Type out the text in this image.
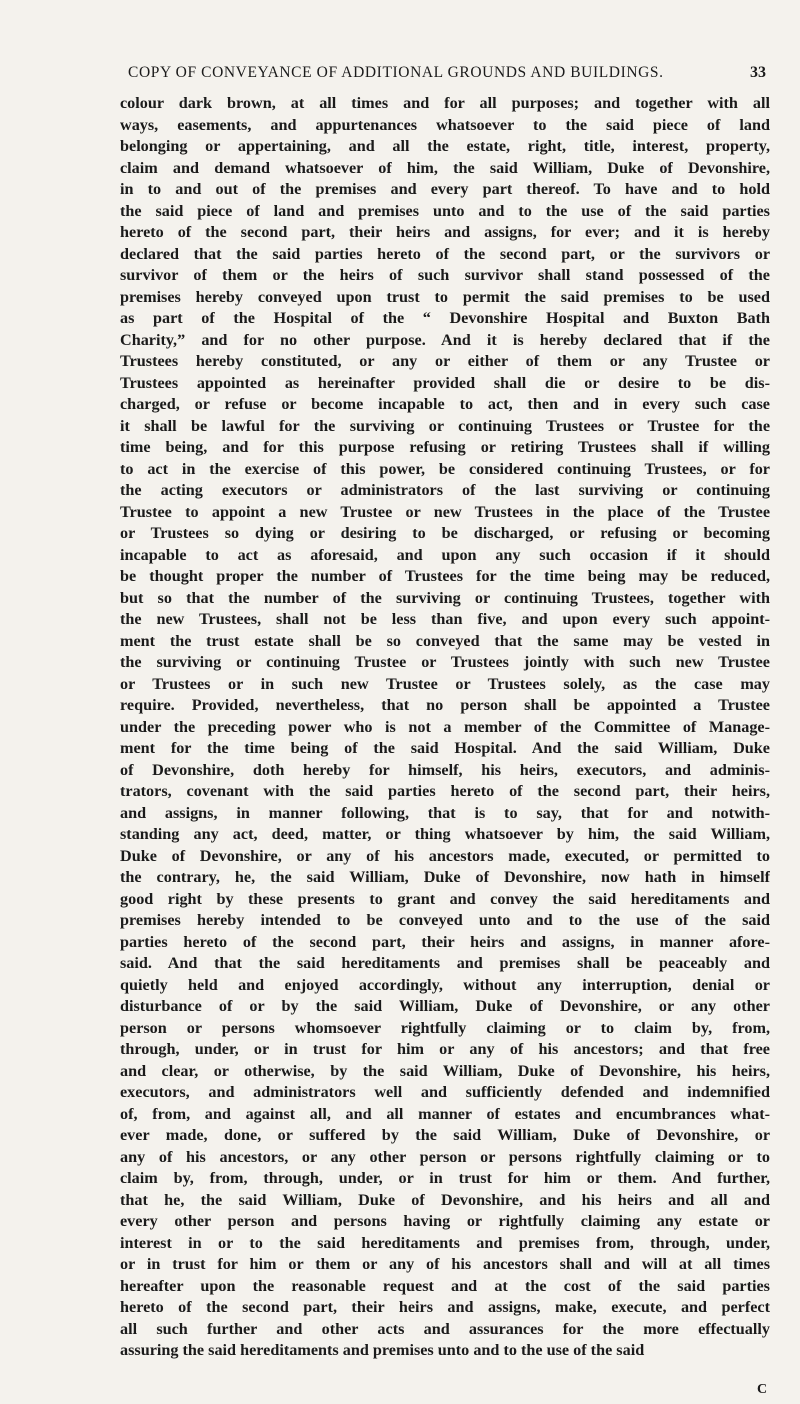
COPY OF CONVEYANCE OF ADDITIONAL GROUNDS AND BUILDINGS.	33
colour dark brown, at all times and for all purposes; and together with all
ways, easements, and appurtenances whatsoever to the said piece of land
belonging or appertaining, and all the estate, right, title, interest, property,
claim and demand whatsoever of him, the said William, Duke of Devonshire,
in to and out of the premises and every part thereof. To have and to hold
the said piece of land and premises unto and to the use of the said parties
hereto of the second part, their heirs and assigns, for ever; and it is hereby
declared that the said parties hereto of the second part, or the survivors or
survivor of them or the heirs of such survivor shall stand possessed of the
premises hereby conveyed upon trust to permit the said premises to be used
as part of the Hospital of the “ Devonshire Hospital and Buxton Bath
Charity,” and for no other purpose. And it is hereby declared that if the
Trustees hereby constituted, or any or either of them or any Trustee or
Trustees appointed as hereinafter provided shall die or desire to be dis-
charged, or refuse or become incapable to act, then and in every such case
it shall be lawful for the surviving or continuing Trustees or Trustee for the
time being, and for this purpose refusing or retiring Trustees shall if willing
to act in the exercise of this power, be considered continuing Trustees, or for
the acting executors or administrators of the last surviving or continuing
Trustee to appoint a new Trustee or new Trustees in the place of the Trustee
or Trustees so dying or desiring to be discharged, or refusing or becoming
incapable to act as aforesaid, and upon any such occasion if it should
be thought proper the number of Trustees for the time being may be reduced,
but so that the number of the surviving or continuing Trustees, together with
the new Trustees, shall not be less than five, and upon every such appoint-
ment the trust estate shall be so conveyed that the same may be vested in
the surviving or continuing Trustee or Trustees jointly with such new Trustee
or Trustees or in such new Trustee or Trustees solely, as the case may
require. Provided, nevertheless, that no person shall be appointed a Trustee
under the preceding power who is not a member of the Committee of Manage-
ment for the time being of the said Hospital. And the said William, Duke
of Devonshire, doth hereby for himself, his heirs, executors, and adminis-
trators, covenant with the said parties hereto of the second part, their heirs,
and assigns, in manner following, that is to say, that for and notwith-
standing any act, deed, matter, or thing whatsoever by him, the said William,
Duke of Devonshire, or any of his ancestors made, executed, or permitted to
the contrary, he, the said William, Duke of Devonshire, now hath in himself
good right by these presents to grant and convey the said hereditaments and
premises hereby intended to be conveyed unto and to the use of the said
parties hereto of the second part, their heirs and assigns, in manner afore-
said. And that the said hereditaments and premises shall be peaceably and
quietly held and enjoyed accordingly, without any interruption, denial or
disturbance of or by the said William, Duke of Devonshire, or any other
person or persons whomsoever rightfully claiming or to claim by, from,
through, under, or in trust for him or any of his ancestors; and that free
and clear, or otherwise, by the said William, Duke of Devonshire, his heirs,
executors, and administrators well and sufficiently defended and indemnified
of, from, and against all, and all manner of estates and encumbrances what-
ever made, done, or suffered by the said William, Duke of Devonshire, or
any of his ancestors, or any other person or persons rightfully claiming or to
claim by, from, through, under, or in trust for him or them. And further,
that he, the said William, Duke of Devonshire, and his heirs and all and
every other person and persons having or rightfully claiming any estate or
interest in or to the said hereditaments and premises from, through, under,
or in trust for him or them or any of his ancestors shall and will at all times
hereafter upon the reasonable request and at the cost of the said parties
hereto of the second part, their heirs and assigns, make, execute, and perfect
all such further and other acts and assurances for the more effectually
assuring the said hereditaments and premises unto and to the use of the said
C
